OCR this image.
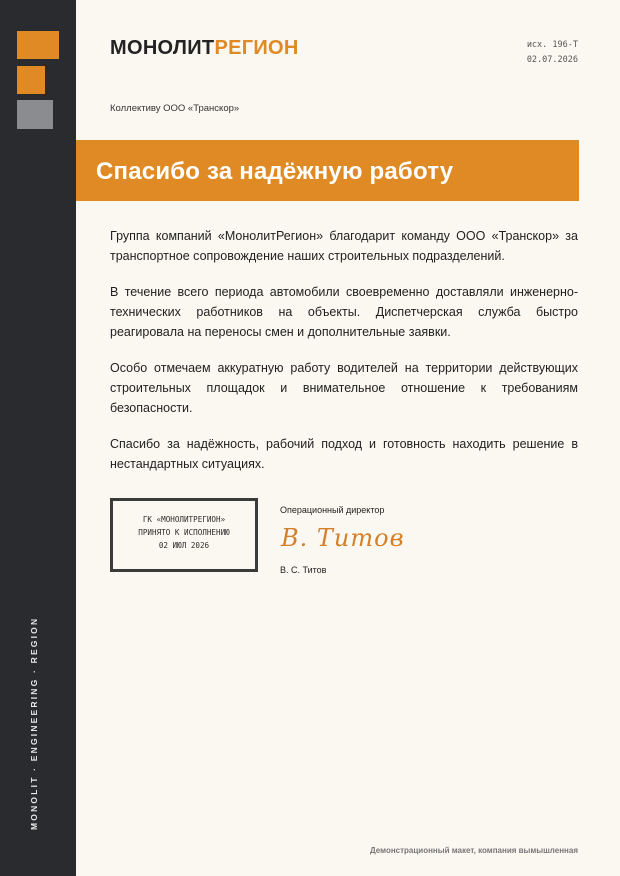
MONOLIT · ENGINEERING · REGION
МОНОЛИТРЕГИОН	исх. 196-Т
02.07.2026
Коллективу ООО «Транскор»
Спасибо за надёжную работу

Группа компаний «МонолитРегион» благодарит команду ООО «Транскор» за транспортное сопровождение наших строительных подразделений.

В течение всего периода автомобили своевременно доставляли инженерно-технических работников на объекты. Диспетчерская служба быстро реагировала на переносы смен и дополнительные заявки.

Особо отмечаем аккуратную работу водителей на территории действующих строительных площадок и внимательное отношение к требованиям безопасности.

Спасибо за надёжность, рабочий подход и готовность находить решение в нестандартных ситуациях.

ГК «МОНОЛИТРЕГИОН»
ПРИНЯТО К ИСПОЛНЕНИЮ
02 ИЮЛ 2026
Операционный директор
В. Титов
В. С. Титов
Демонстрационный макет, компания вымышленная
